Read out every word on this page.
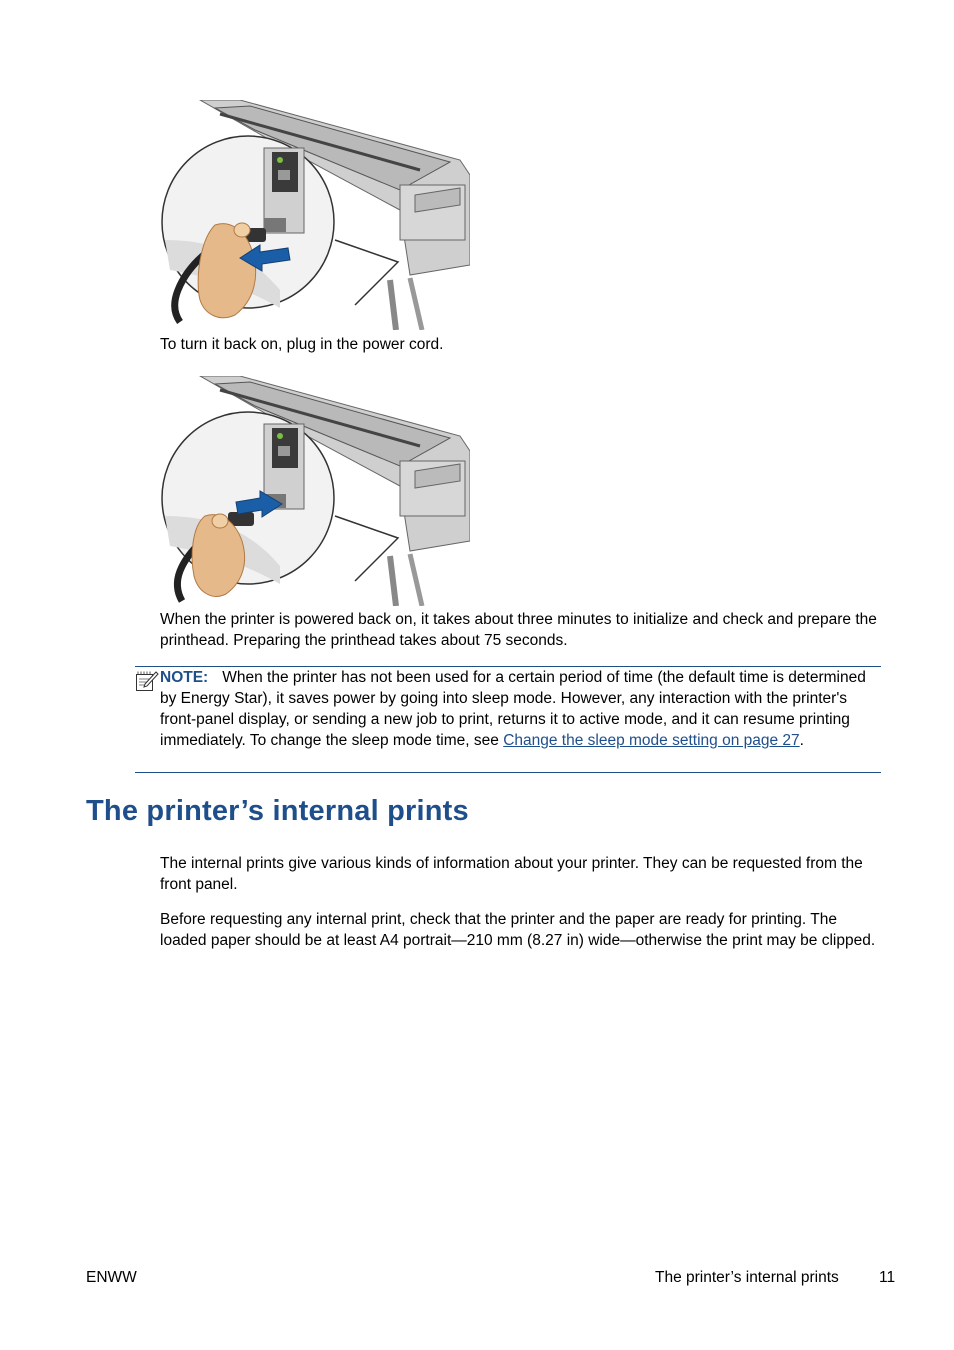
To turn it back on, plug in the power cord.

When the printer is powered back on, it takes about three minutes to initialize and check and prepare the printhead. Preparing the printhead takes about 75 seconds.

NOTE: When the printer has not been used for a certain period of time (the default time is determined by Energy Star), it saves power by going into sleep mode. However, any interaction with the printer's front-panel display, or sending a new job to print, returns it to active mode, and it can resume printing immediately. To change the sleep mode time, see Change the sleep mode setting on page 27.

The printer’s internal prints

The internal prints give various kinds of information about your printer. They can be requested from the front panel.

Before requesting any internal print, check that the printer and the paper are ready for printing. The loaded paper should be at least A4 portrait—210 mm (8.27 in) wide—otherwise the print may be clipped.

ENWW	The printer’s internal prints	11
